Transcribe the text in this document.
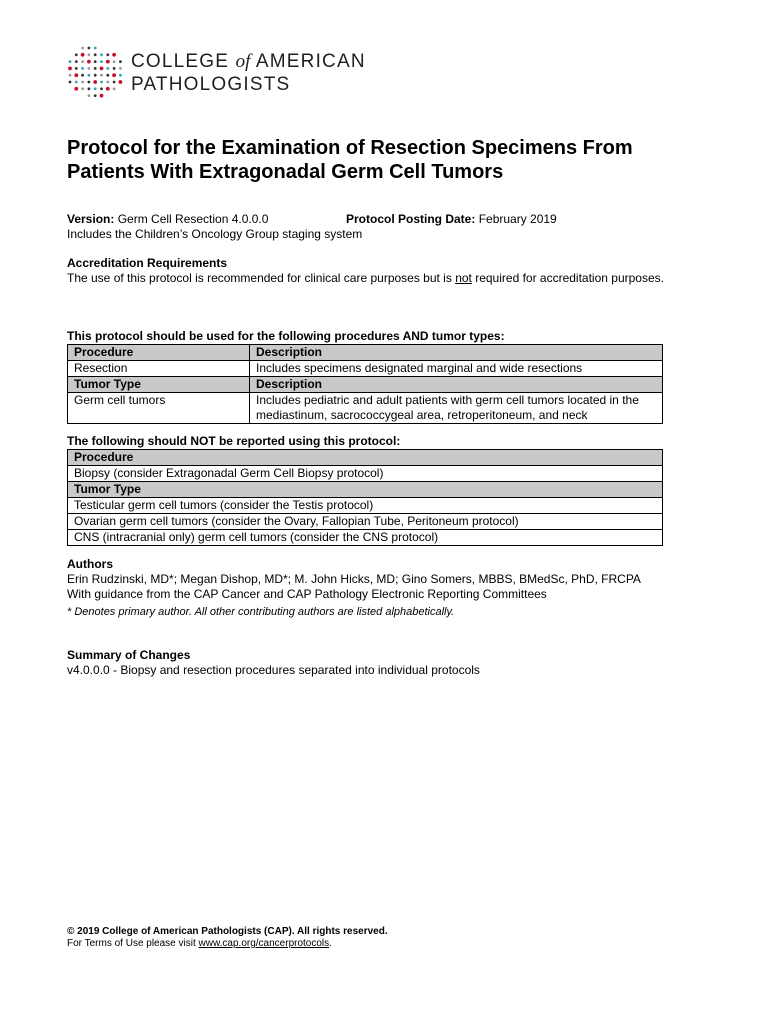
COLLEGE of AMERICAN
PATHOLOGISTS
Protocol for the Examination of Resection Specimens From Patients With Extragonadal Germ Cell Tumors
Version: Germ Cell Resection 4.0.0.0	Protocol Posting Date: February 2019
Includes the Children’s Oncology Group staging system
Accreditation Requirements
The use of this protocol is recommended for clinical care purposes but is not required for accreditation purposes.
This protocol should be used for the following procedures AND tumor types:
Procedure	Description
Resection	Includes specimens designated marginal and wide resections
Tumor Type	Description
Germ cell tumors	Includes pediatric and adult patients with germ cell tumors located in the mediastinum, sacrococcygeal area, retroperitoneum, and neck
The following should NOT be reported using this protocol:
Procedure
Biopsy (consider Extragonadal Germ Cell Biopsy protocol)
Tumor Type
Testicular germ cell tumors (consider the Testis protocol)
Ovarian germ cell tumors (consider the Ovary, Fallopian Tube, Peritoneum protocol)
CNS (intracranial only) germ cell tumors (consider the CNS protocol)
Authors
Erin Rudzinski, MD*; Megan Dishop, MD*; M. John Hicks, MD; Gino Somers, MBBS, BMedSc, PhD, FRCPA
With guidance from the CAP Cancer and CAP Pathology Electronic Reporting Committees
* Denotes primary author. All other contributing authors are listed alphabetically.
Summary of Changes
v4.0.0.0 - Biopsy and resection procedures separated into individual protocols
© 2019 College of American Pathologists (CAP). All rights reserved.
For Terms of Use please visit www.cap.org/cancerprotocols.
